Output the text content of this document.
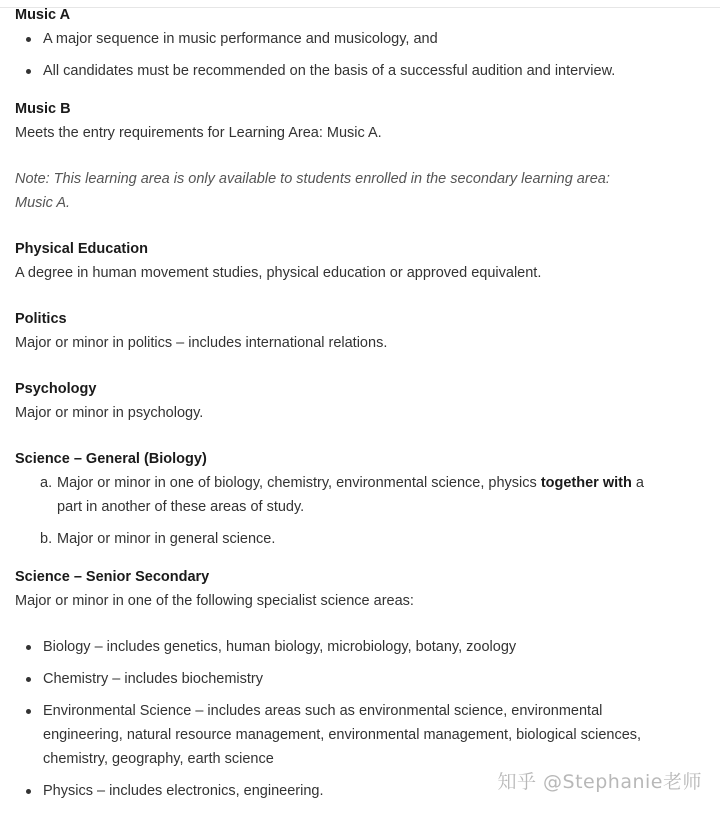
Music A

A major sequence in music performance and musicology, and
All candidates must be recommended on the basis of a successful audition and interview.

Music B

Meets the entry requirements for Learning Area: Music A.

Note: This learning area is only available to students enrolled in the secondary learning area:
Music A.

Physical Education

A degree in human movement studies, physical education or approved equivalent.

Politics

Major or minor in politics – includes international relations.

Psychology

Major or minor in psychology.

Science – General (Biology)

a. Major or minor in one of biology, chemistry, environmental science, physics together with a part in another of these areas of study.
b. Major or minor in general science.

Science – Senior Secondary

Major or minor in one of the following specialist science areas:

Biology – includes genetics, human biology, microbiology, botany, zoology
Chemistry – includes biochemistry
Environmental Science – includes areas such as environmental science, environmental engineering, natural resource management, environmental management, biological sciences, chemistry, geography, earth science
Physics – includes electronics, engineering.	知乎 @Stephanie老师
